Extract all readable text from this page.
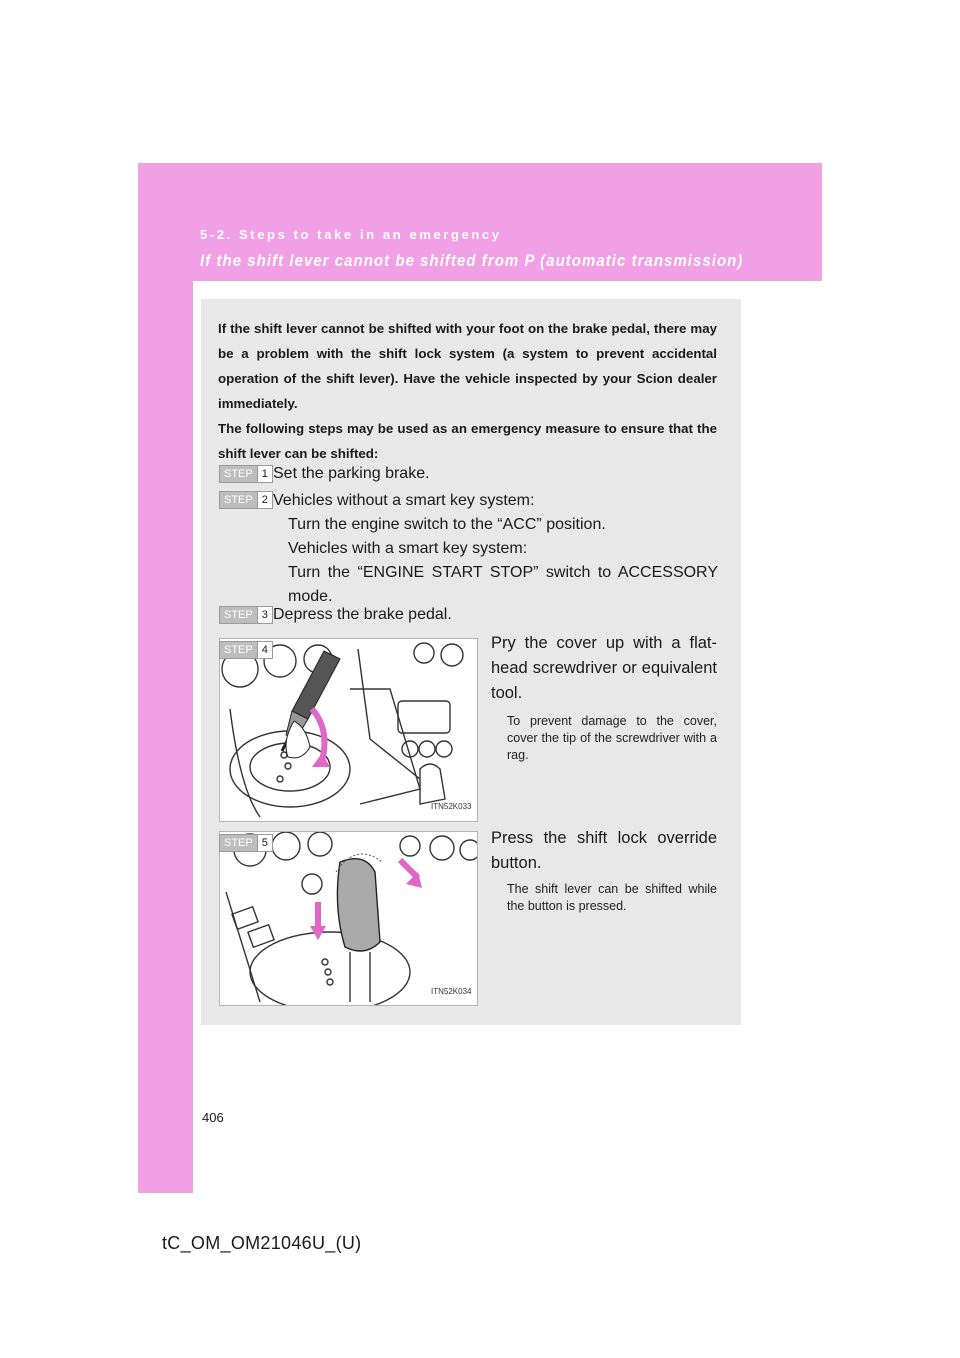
5-2. Steps to take in an emergency
If the shift lever cannot be shifted from P (automatic transmission)

If the shift lever cannot be shifted with your foot on the brake pedal, there may be a problem with the shift lock system (a system to prevent accidental operation of the shift lever). Have the vehicle inspected by your Scion dealer immediately.

The following steps may be used as an emergency measure to ensure that the shift lever can be shifted:

STEP 1 Set the parking brake.
STEP 2 Vehicles without a smart key system:
Turn the engine switch to the “ACC” position.
Vehicles with a smart key system:
Turn the “ENGINE START STOP” switch to ACCESSORY mode.
STEP 3 Depress the brake pedal.
STEP 4
ITN52K033
Pry the cover up with a flat-head screwdriver or equivalent tool.
To prevent damage to the cover, cover the tip of the screwdriver with a rag.
STEP 5
ITN52K034
Press the shift lock override button.
The shift lever can be shifted while the button is pressed.
406
tC_OM_OM21046U_(U)
